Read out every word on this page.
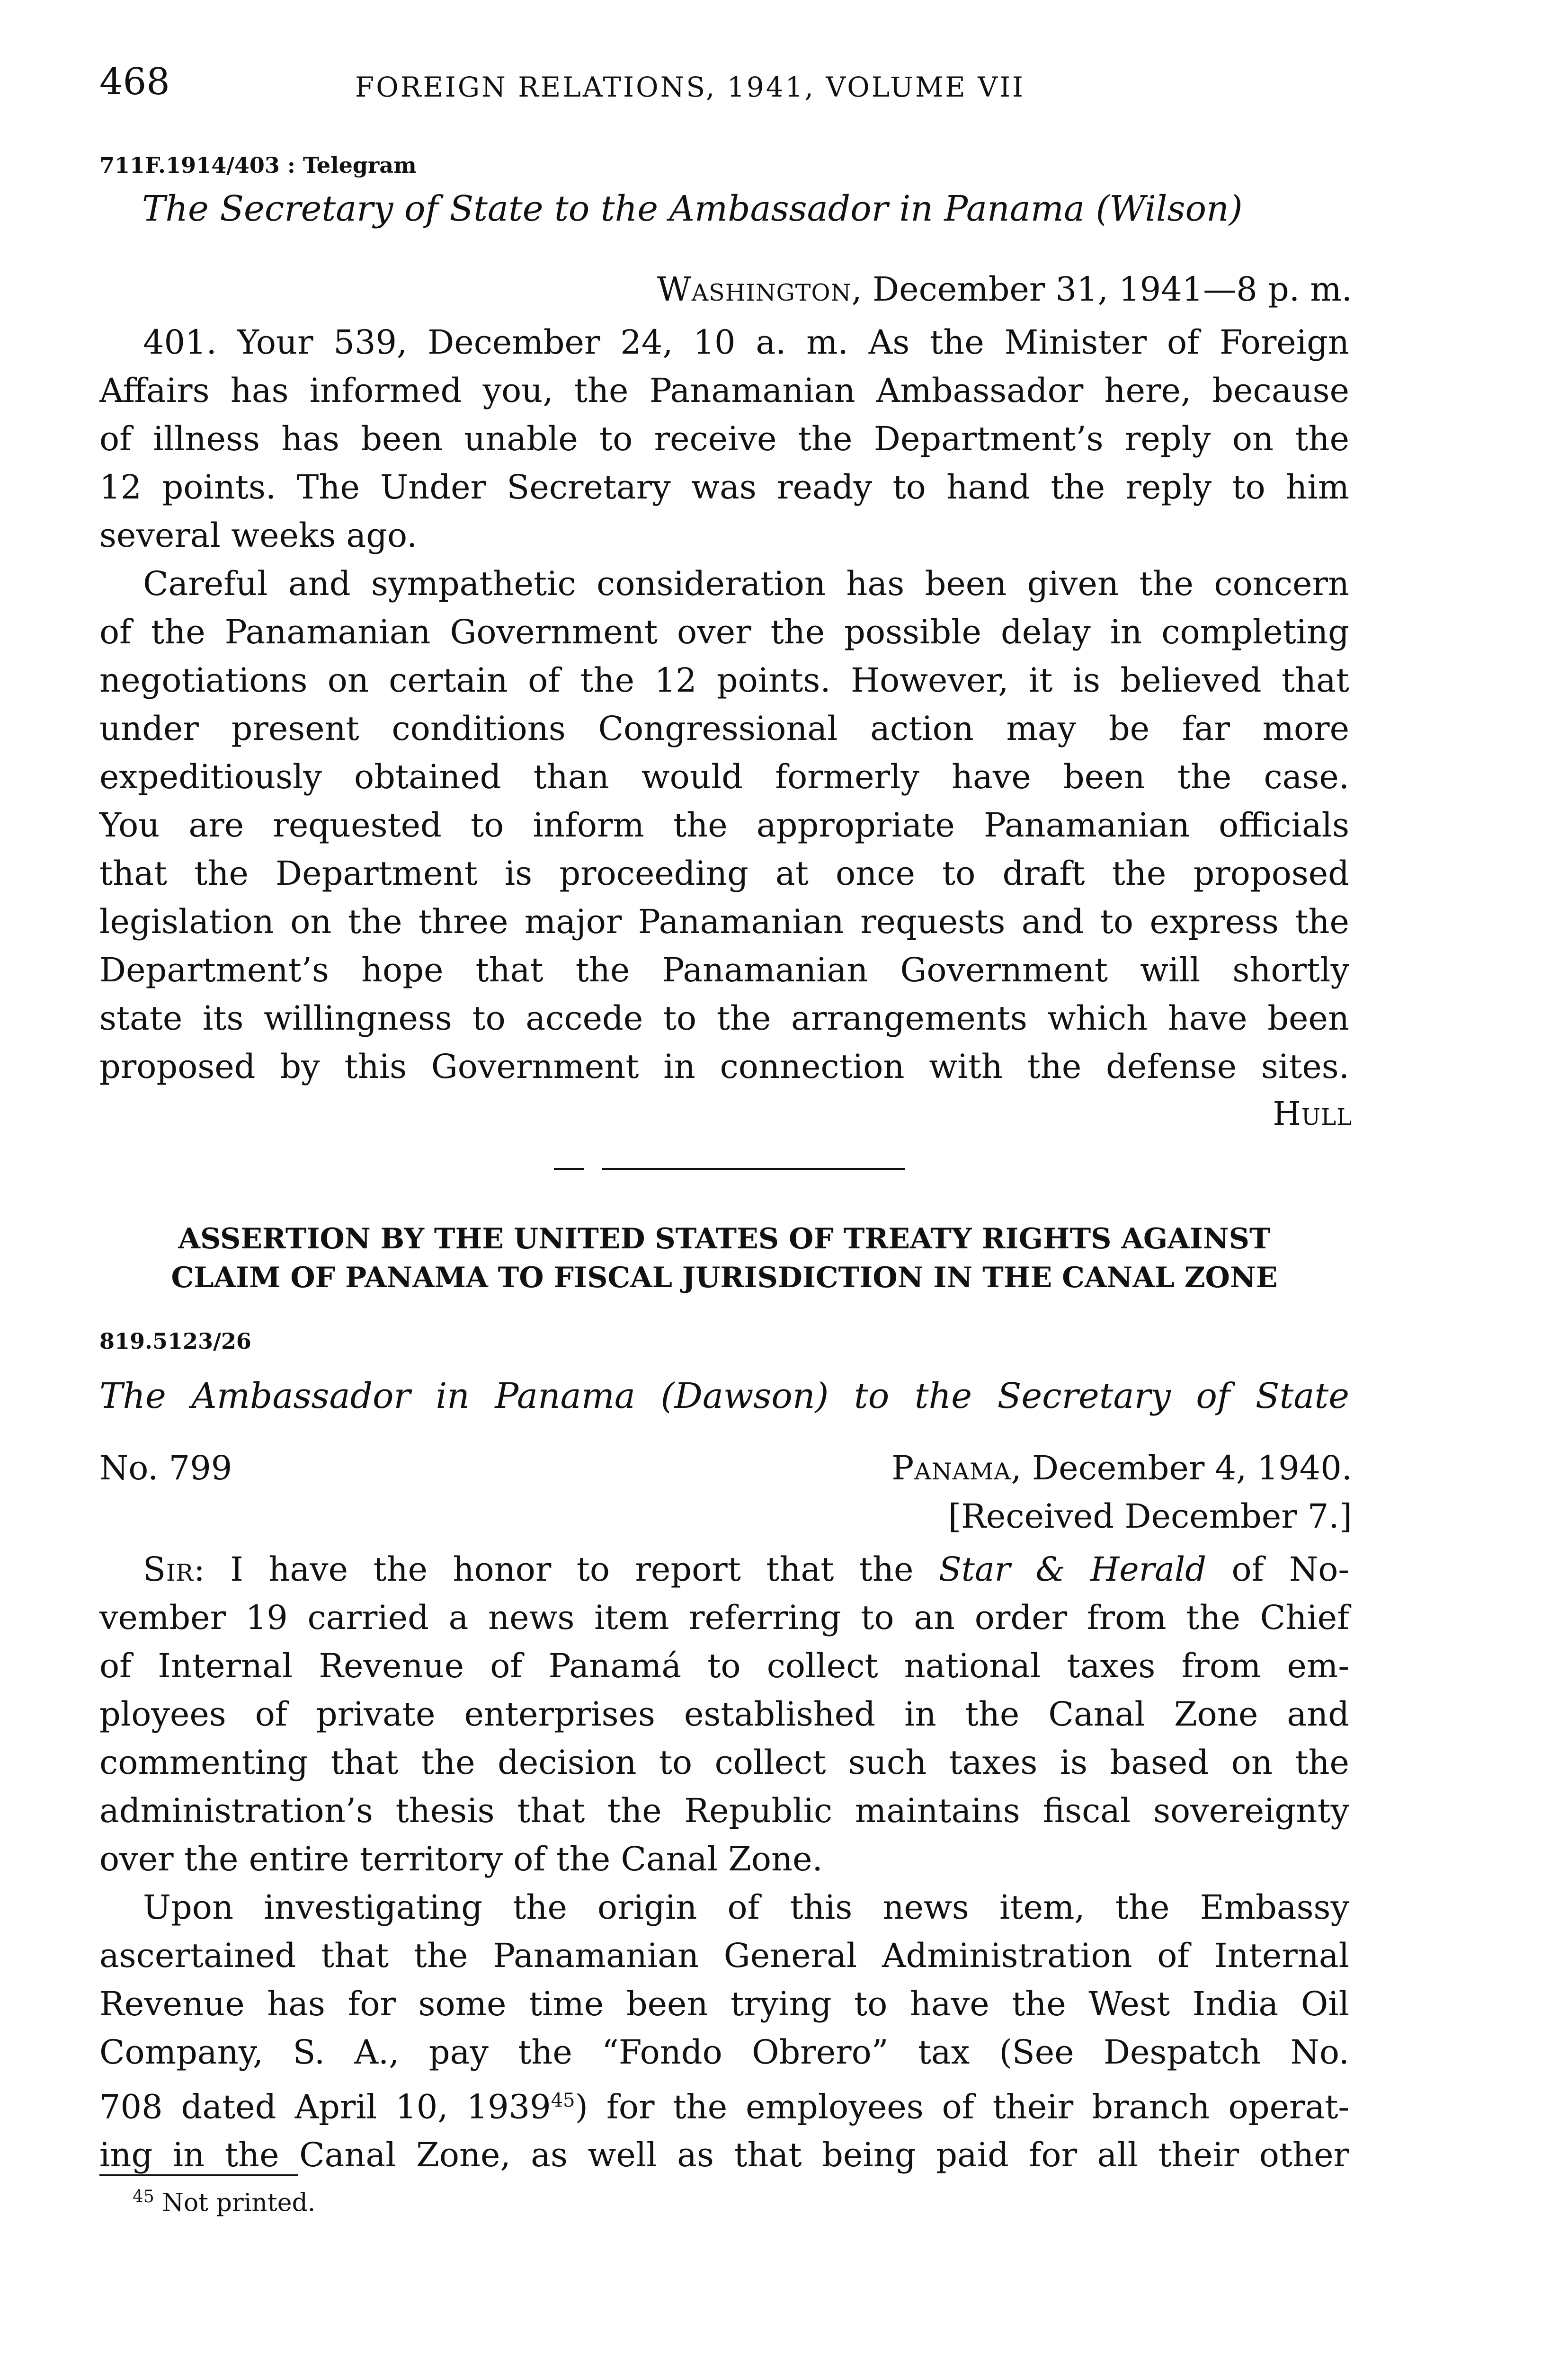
468	FOREIGN RELATIONS, 1941, VOLUME VII
711F.1914/403 : Telegram
The Secretary of State to the Ambassador in Panama (Wilson)
Washington, December 31, 1941—8 p. m.
401. Your 539, December 24, 10 a. m. As the Minister of Foreign
Affairs has informed you, the Panamanian Ambassador here, because
of illness has been unable to receive the Department’s reply on the
12 points. The Under Secretary was ready to hand the reply to him
several weeks ago.
Careful and sympathetic consideration has been given the concern
of the Panamanian Government over the possible delay in completing
negotiations on certain of the 12 points. However, it is believed that
under present conditions Congressional action may be far more
expeditiously obtained than would formerly have been the case.
You are requested to inform the appropriate Panamanian officials
that the Department is proceeding at once to draft the proposed
legislation on the three major Panamanian requests and to express the
Department’s hope that the Panamanian Government will shortly
state its willingness to accede to the arrangements which have been
proposed by this Government in connection with the defense sites.
Hull
ASSERTION BY THE UNITED STATES OF TREATY RIGHTS AGAINST
CLAIM OF PANAMA TO FISCAL JURISDICTION IN THE CANAL ZONE
819.5123/26
The Ambassador in Panama (Dawson) to the Secretary of State
No. 799	Panama, December 4, 1940.
[Received December 7.]
Sir: I have the honor to report that the Star & Herald of No-
vember 19 carried a news item referring to an order from the Chief
of Internal Revenue of Panamá to collect national taxes from em-
ployees of private enterprises established in the Canal Zone and
commenting that the decision to collect such taxes is based on the
administration’s thesis that the Republic maintains fiscal sovereignty
over the entire territory of the Canal Zone.
Upon investigating the origin of this news item, the Embassy
ascertained that the Panamanian General Administration of Internal
Revenue has for some time been trying to have the West India Oil
Company, S. A., pay the “Fondo Obrero” tax (See Despatch No.
708 dated April 10, 1939$^{45}$) for the employees of their branch operat-
ing in the Canal Zone, as well as that being paid for all their other
$^{45}$ Not printed.
